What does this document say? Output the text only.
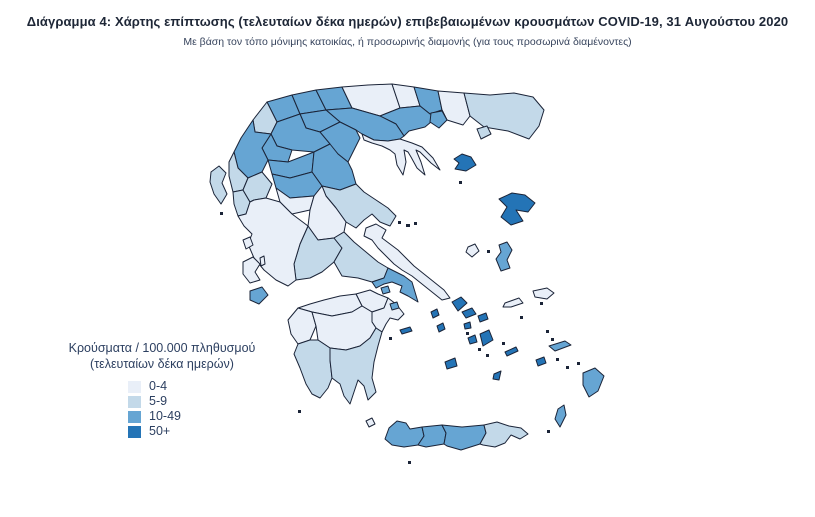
Διάγραμμα 4: Χάρτης επίπτωσης (τελευταίων δέκα ημερών) επιβεβαιωμένων κρουσμάτων COVID-19, 31 Αυγούστου 2020
Με βάση τον τόπο μόνιμης κατοικίας, ή προσωρινής διαμονής (για τους προσωρινά διαμένοντες)
Κρούσματα / 100.000 πληθυσμού
(τελευταίων δέκα ημερών)
0-4
5-9
10-49
50+
